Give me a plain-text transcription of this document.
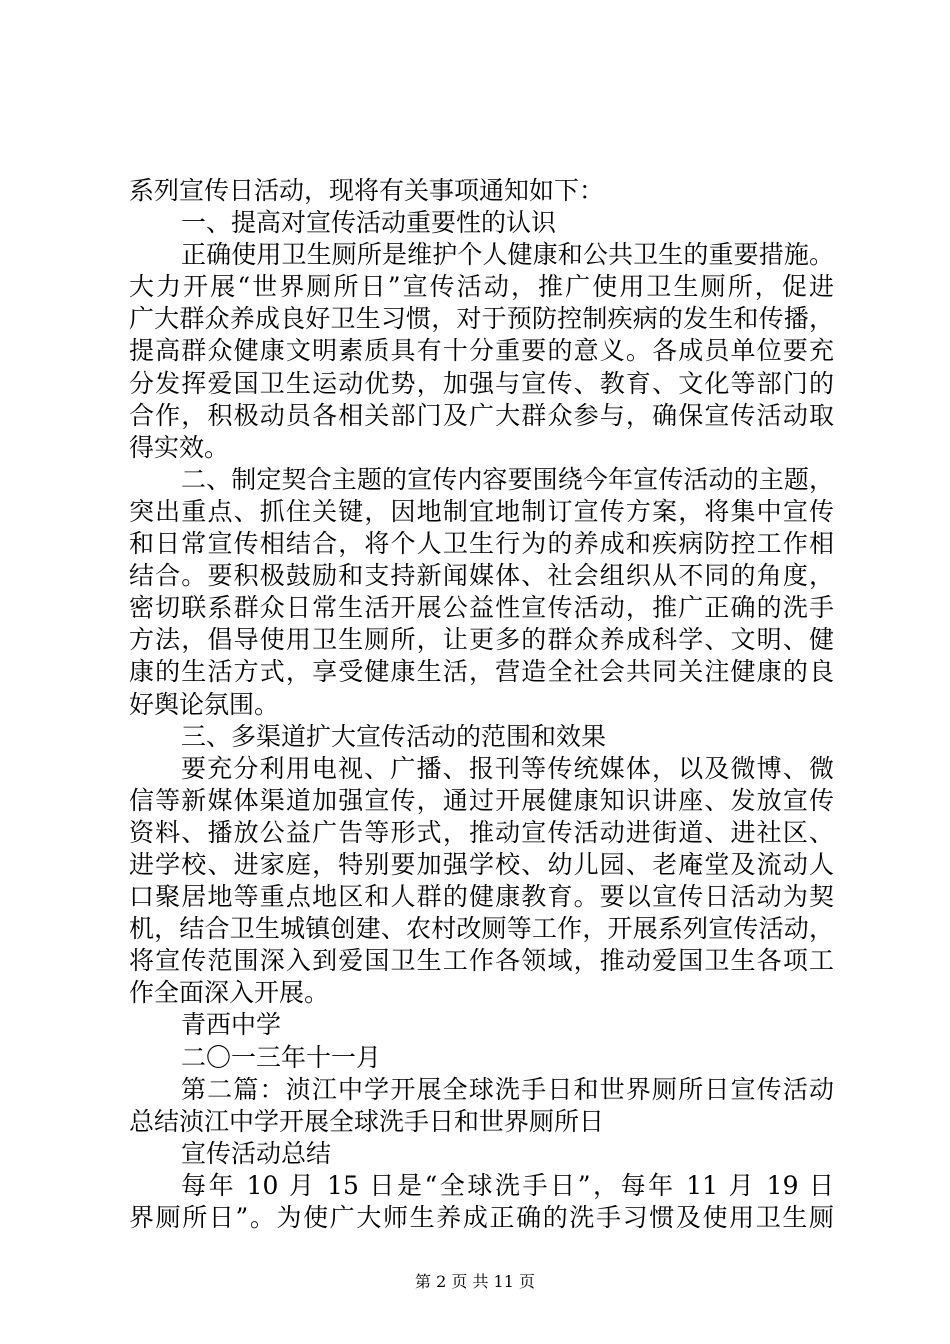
系列宣传日活动，现将有关事项通知如下：
一、提高对宣传活动重要性的认识
正确使用卫生厕所是维护个人健康和公共卫生的重要措施。
大力开展“世界厕所日”宣传活动，推广使用卫生厕所，促进
广大群众养成良好卫生习惯，对于预防控制疾病的发生和传播，
提高群众健康文明素质具有十分重要的意义。各成员单位要充
分发挥爱国卫生运动优势，加强与宣传、教育、文化等部门的
合作，积极动员各相关部门及广大群众参与，确保宣传活动取
得实效。
二、制定契合主题的宣传内容要围绕今年宣传活动的主题，
突出重点、抓住关键，因地制宜地制订宣传方案，将集中宣传
和日常宣传相结合，将个人卫生行为的养成和疾病防控工作相
结合。要积极鼓励和支持新闻媒体、社会组织从不同的角度，
密切联系群众日常生活开展公益性宣传活动，推广正确的洗手
方法，倡导使用卫生厕所，让更多的群众养成科学、文明、健
康的生活方式，享受健康生活，营造全社会共同关注健康的良
好舆论氛围。
三、多渠道扩大宣传活动的范围和效果
要充分利用电视、广播、报刊等传统媒体，以及微博、微
信等新媒体渠道加强宣传，通过开展健康知识讲座、发放宣传
资料、播放公益广告等形式，推动宣传活动进街道、进社区、
进学校、进家庭，特别要加强学校、幼儿园、老庵堂及流动人
口聚居地等重点地区和人群的健康教育。要以宣传日活动为契
机，结合卫生城镇创建、农村改厕等工作，开展系列宣传活动，
将宣传范围深入到爱国卫生工作各领域，推动爱国卫生各项工
作全面深入开展。
青西中学
二〇一三年十一月
第二篇：浈江中学开展全球洗手日和世界厕所日宣传活动
总结浈江中学开展全球洗手日和世界厕所日
宣传活动总结
每年 10 月 15 日是“全球洗手日”，每年 11 月 19 日
界厕所日”。为使广大师生养成正确的洗手习惯及使用卫生厕
第 2 页 共 11 页
